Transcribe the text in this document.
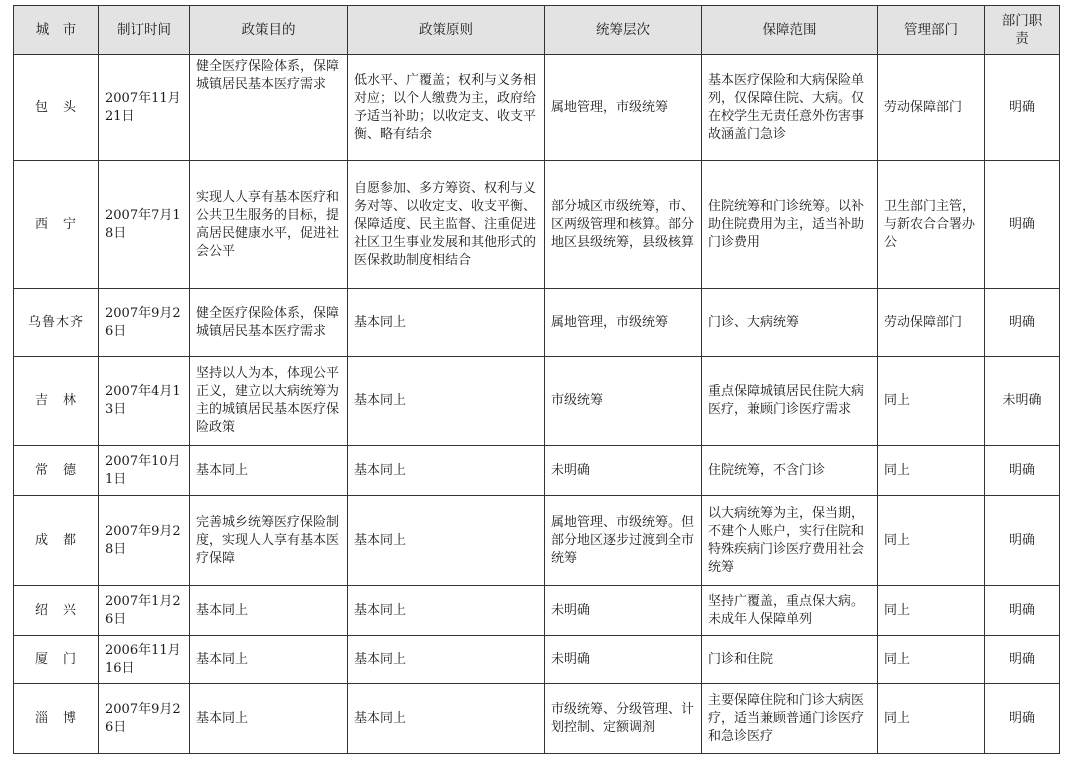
城　市	制订时间	政策目的	政策原则	统筹层次	保障范围	管理部门	部门职责
包　头	2007年11月21日	健全医疗保险体系，保障城镇居民基本医疗需求	低水平、广覆盖；权利与义务相对应；以个人缴费为主，政府给予适当补助；以收定支、收支平衡、略有结余	属地管理，市级统筹	基本医疗保险和大病保险单列，仅保障住院、大病。仅在校学生无责任意外伤害事故涵盖门急诊	劳动保障部门	明确
西　宁	2007年7月18日	实现人人享有基本医疗和公共卫生服务的目标，提高居民健康水平，促进社会公平	自愿参加、多方筹资、权利与义务对等、以收定支、收支平衡、保障适度、民主监督、注重促进社区卫生事业发展和其他形式的医保救助制度相结合	部分城区市级统筹，市、区两级管理和核算。部分地区县级统筹，县级核算	住院统筹和门诊统筹。以补助住院费用为主，适当补助门诊费用	卫生部门主管，与新农合合署办公	明确
乌鲁木齐	2007年9月26日	健全医疗保险体系，保障城镇居民基本医疗需求	基本同上	属地管理，市级统筹	门诊、大病统筹	劳动保障部门	明确
吉　林	2007年4月13日	坚持以人为本，体现公平正义，建立以大病统筹为主的城镇居民基本医疗保险政策	基本同上	市级统筹	重点保障城镇居民住院大病医疗，兼顾门诊医疗需求	同上	未明确
常　德	2007年10月1日	基本同上	基本同上	未明确	住院统筹，不含门诊	同上	明确
成　都	2007年9月28日	完善城乡统筹医疗保险制度，实现人人享有基本医疗保障	基本同上	属地管理、市级统筹。但部分地区逐步过渡到全市统筹	以大病统筹为主，保当期，不建个人账户，实行住院和特殊疾病门诊医疗费用社会统筹	同上	明确
绍　兴	2007年1月26日	基本同上	基本同上	未明确	坚持广覆盖，重点保大病。未成年人保障单列	同上	明确
厦　门	2006年11月16日	基本同上	基本同上	未明确	门诊和住院	同上	明确
淄　博	2007年9月26日	基本同上	基本同上	市级统筹、分级管理、计划控制、定额调剂	主要保障住院和门诊大病医疗，适当兼顾普通门诊医疗和急诊医疗	同上	明确
